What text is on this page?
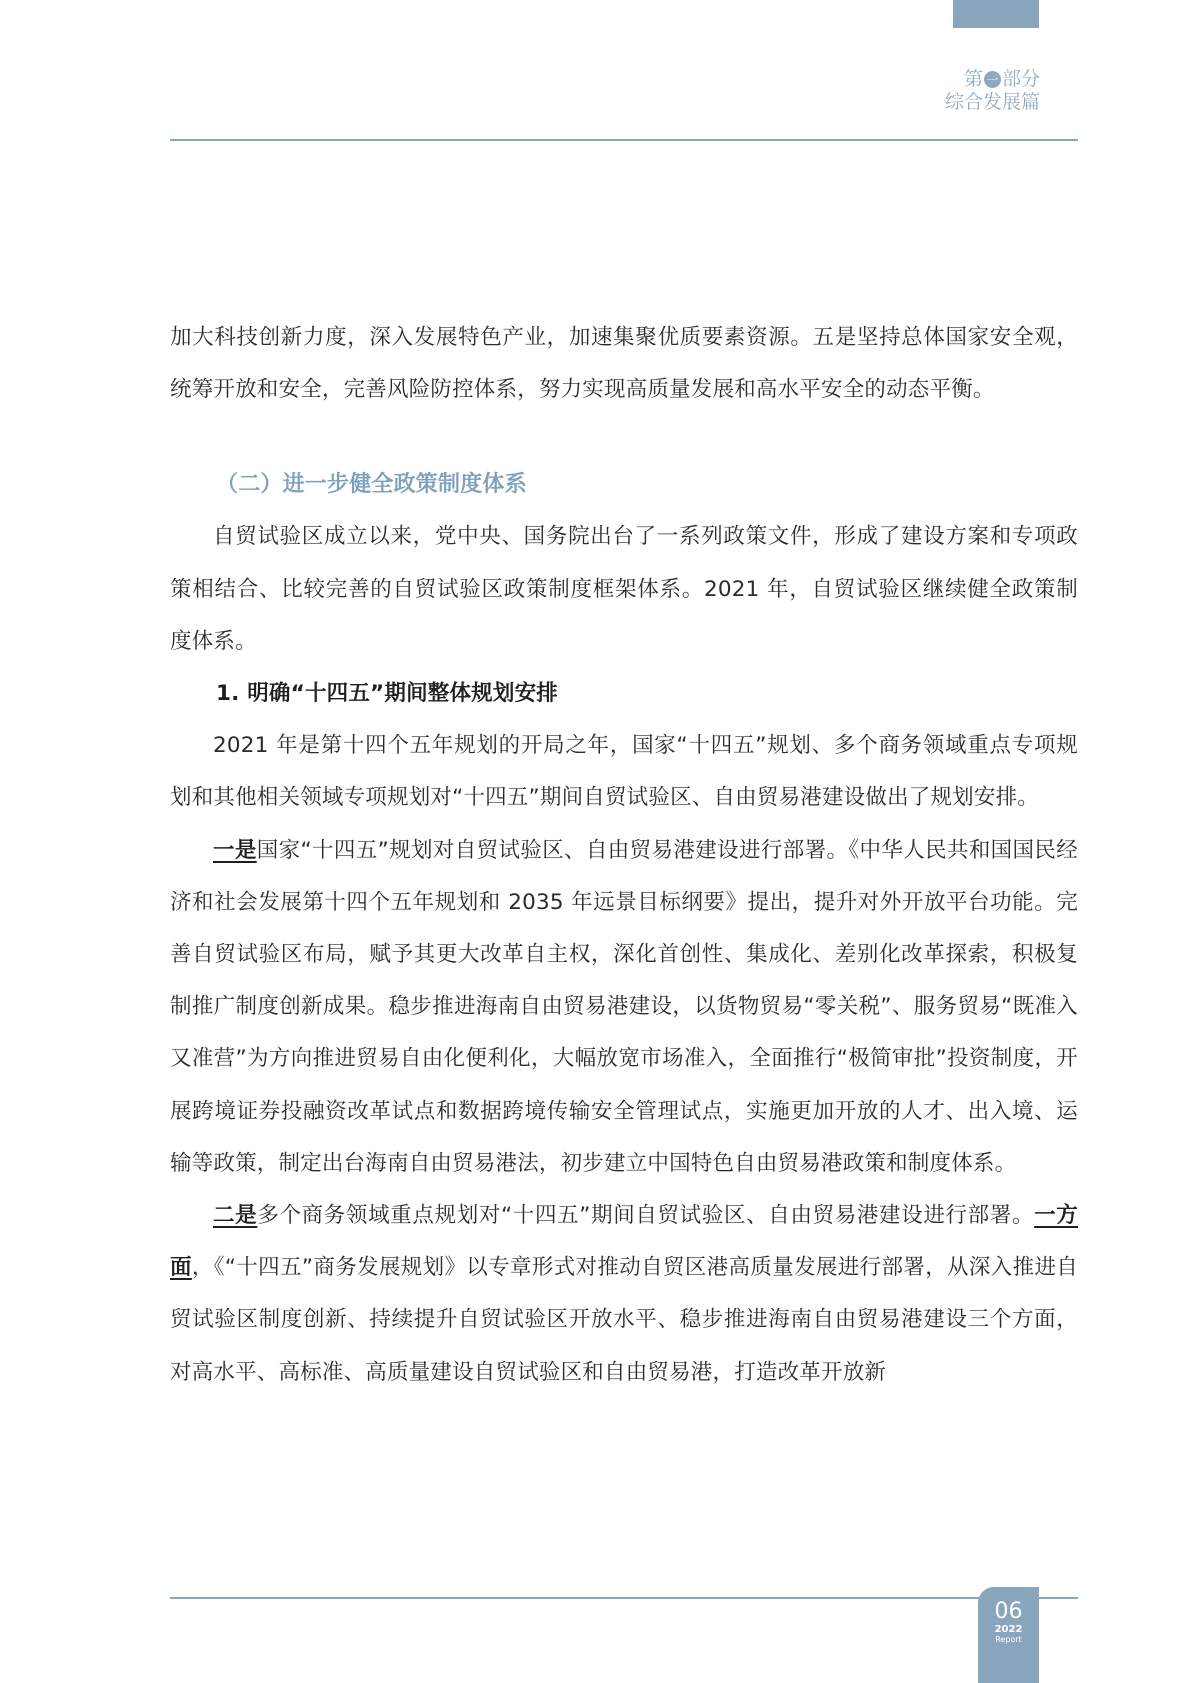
第 一 部分
综合发展篇

加大科技创新力度，深入发展特色产业，加速集聚优质要素资源。五是坚持总体国家安全观，统筹开放和安全，完善风险防控体系，努力实现高质量发展和高水平安全的动态平衡。

（二）进一步健全政策制度体系

自贸试验区成立以来，党中央、国务院出台了一系列政策文件，形成了建设方案和专项政策相结合、比较完善的自贸试验区政策制度框架体系。2021 年，自贸试验区继续健全政策制度体系。

1. 明确“十四五”期间整体规划安排

2021 年是第十四个五年规划的开局之年，国家“十四五”规划、多个商务领域重点专项规划和其他相关领域专项规划对“十四五”期间自贸试验区、自由贸易港建设做出了规划安排。

一是国家“十四五”规划对自贸试验区、自由贸易港建设进行部署。《中华人民共和国国民经济和社会发展第十四个五年规划和 2035 年远景目标纲要》提出，提升对外开放平台功能。完善自贸试验区布局，赋予其更大改革自主权，深化首创性、集成化、差别化改革探索，积极复制推广制度创新成果。稳步推进海南自由贸易港建设，以货物贸易“零关税”、服务贸易“既准入又准营”为方向推进贸易自由化便利化，大幅放宽市场准入，全面推行“极简审批”投资制度，开展跨境证券投融资改革试点和数据跨境传输安全管理试点，实施更加开放的人才、出入境、运输等政策，制定出台海南自由贸易港法，初步建立中国特色自由贸易港政策和制度体系。

二是多个商务领域重点规划对“十四五”期间自贸试验区、自由贸易港建设进行部署。一方面，《“十四五”商务发展规划》以专章形式对推动自贸区港高质量发展进行部署，从深入推进自贸试验区制度创新、持续提升自贸试验区开放水平、稳步推进海南自由贸易港建设三个方面，对高水平、高标准、高质量建设自贸试验区和自由贸易港，打造改革开放新

06
2022
Report
